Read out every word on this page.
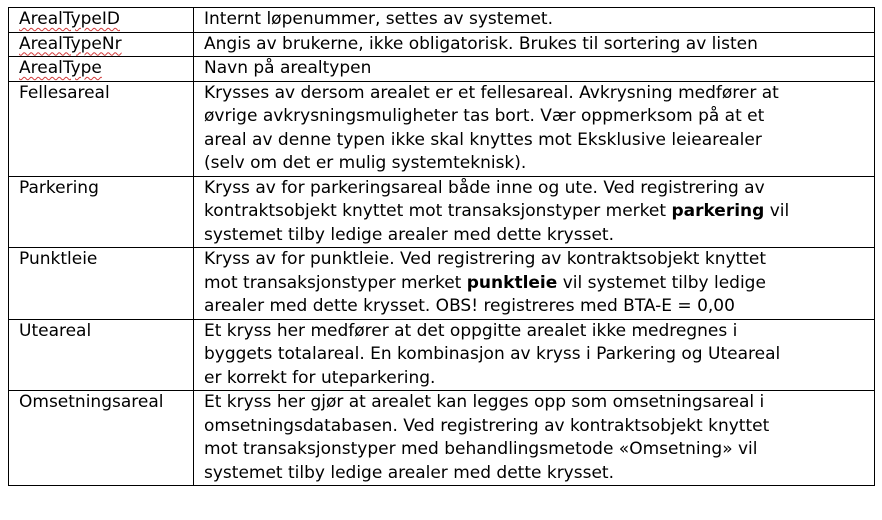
ArealTypeID	Internt løpenummer, settes av systemet.

ArealTypeNr	Angis av brukerne, ikke obligatorisk. Brukes til sortering av listen

ArealType	Navn på arealtypen

Fellesareal	Krysses av dersom arealet er et fellesareal. Avkrysning medfører at
øvrige avkrysningsmuligheter tas bort. Vær oppmerksom på at et
areal av denne typen ikke skal knyttes mot Eksklusive leiearealer
(selv om det er mulig systemteknisk).

Parkering	Kryss av for parkeringsareal både inne og ute. Ved registrering av
kontraktsobjekt knyttet mot transaksjonstyper merket parkering vil
systemet tilby ledige arealer med dette krysset.

Punktleie	Kryss av for punktleie. Ved registrering av kontraktsobjekt knyttet
mot transaksjonstyper merket punktleie vil systemet tilby ledige
arealer med dette krysset. OBS! registreres med BTA-E = 0,00

Uteareal	Et kryss her medfører at det oppgitte arealet ikke medregnes i
byggets totalareal. En kombinasjon av kryss i Parkering og Uteareal
er korrekt for uteparkering.

Omsetningsareal	Et kryss her gjør at arealet kan legges opp som omsetningsareal i
omsetningsdatabasen. Ved registrering av kontraktsobjekt knyttet
mot transaksjonstyper med behandlingsmetode «Omsetning» vil
systemet tilby ledige arealer med dette krysset.
